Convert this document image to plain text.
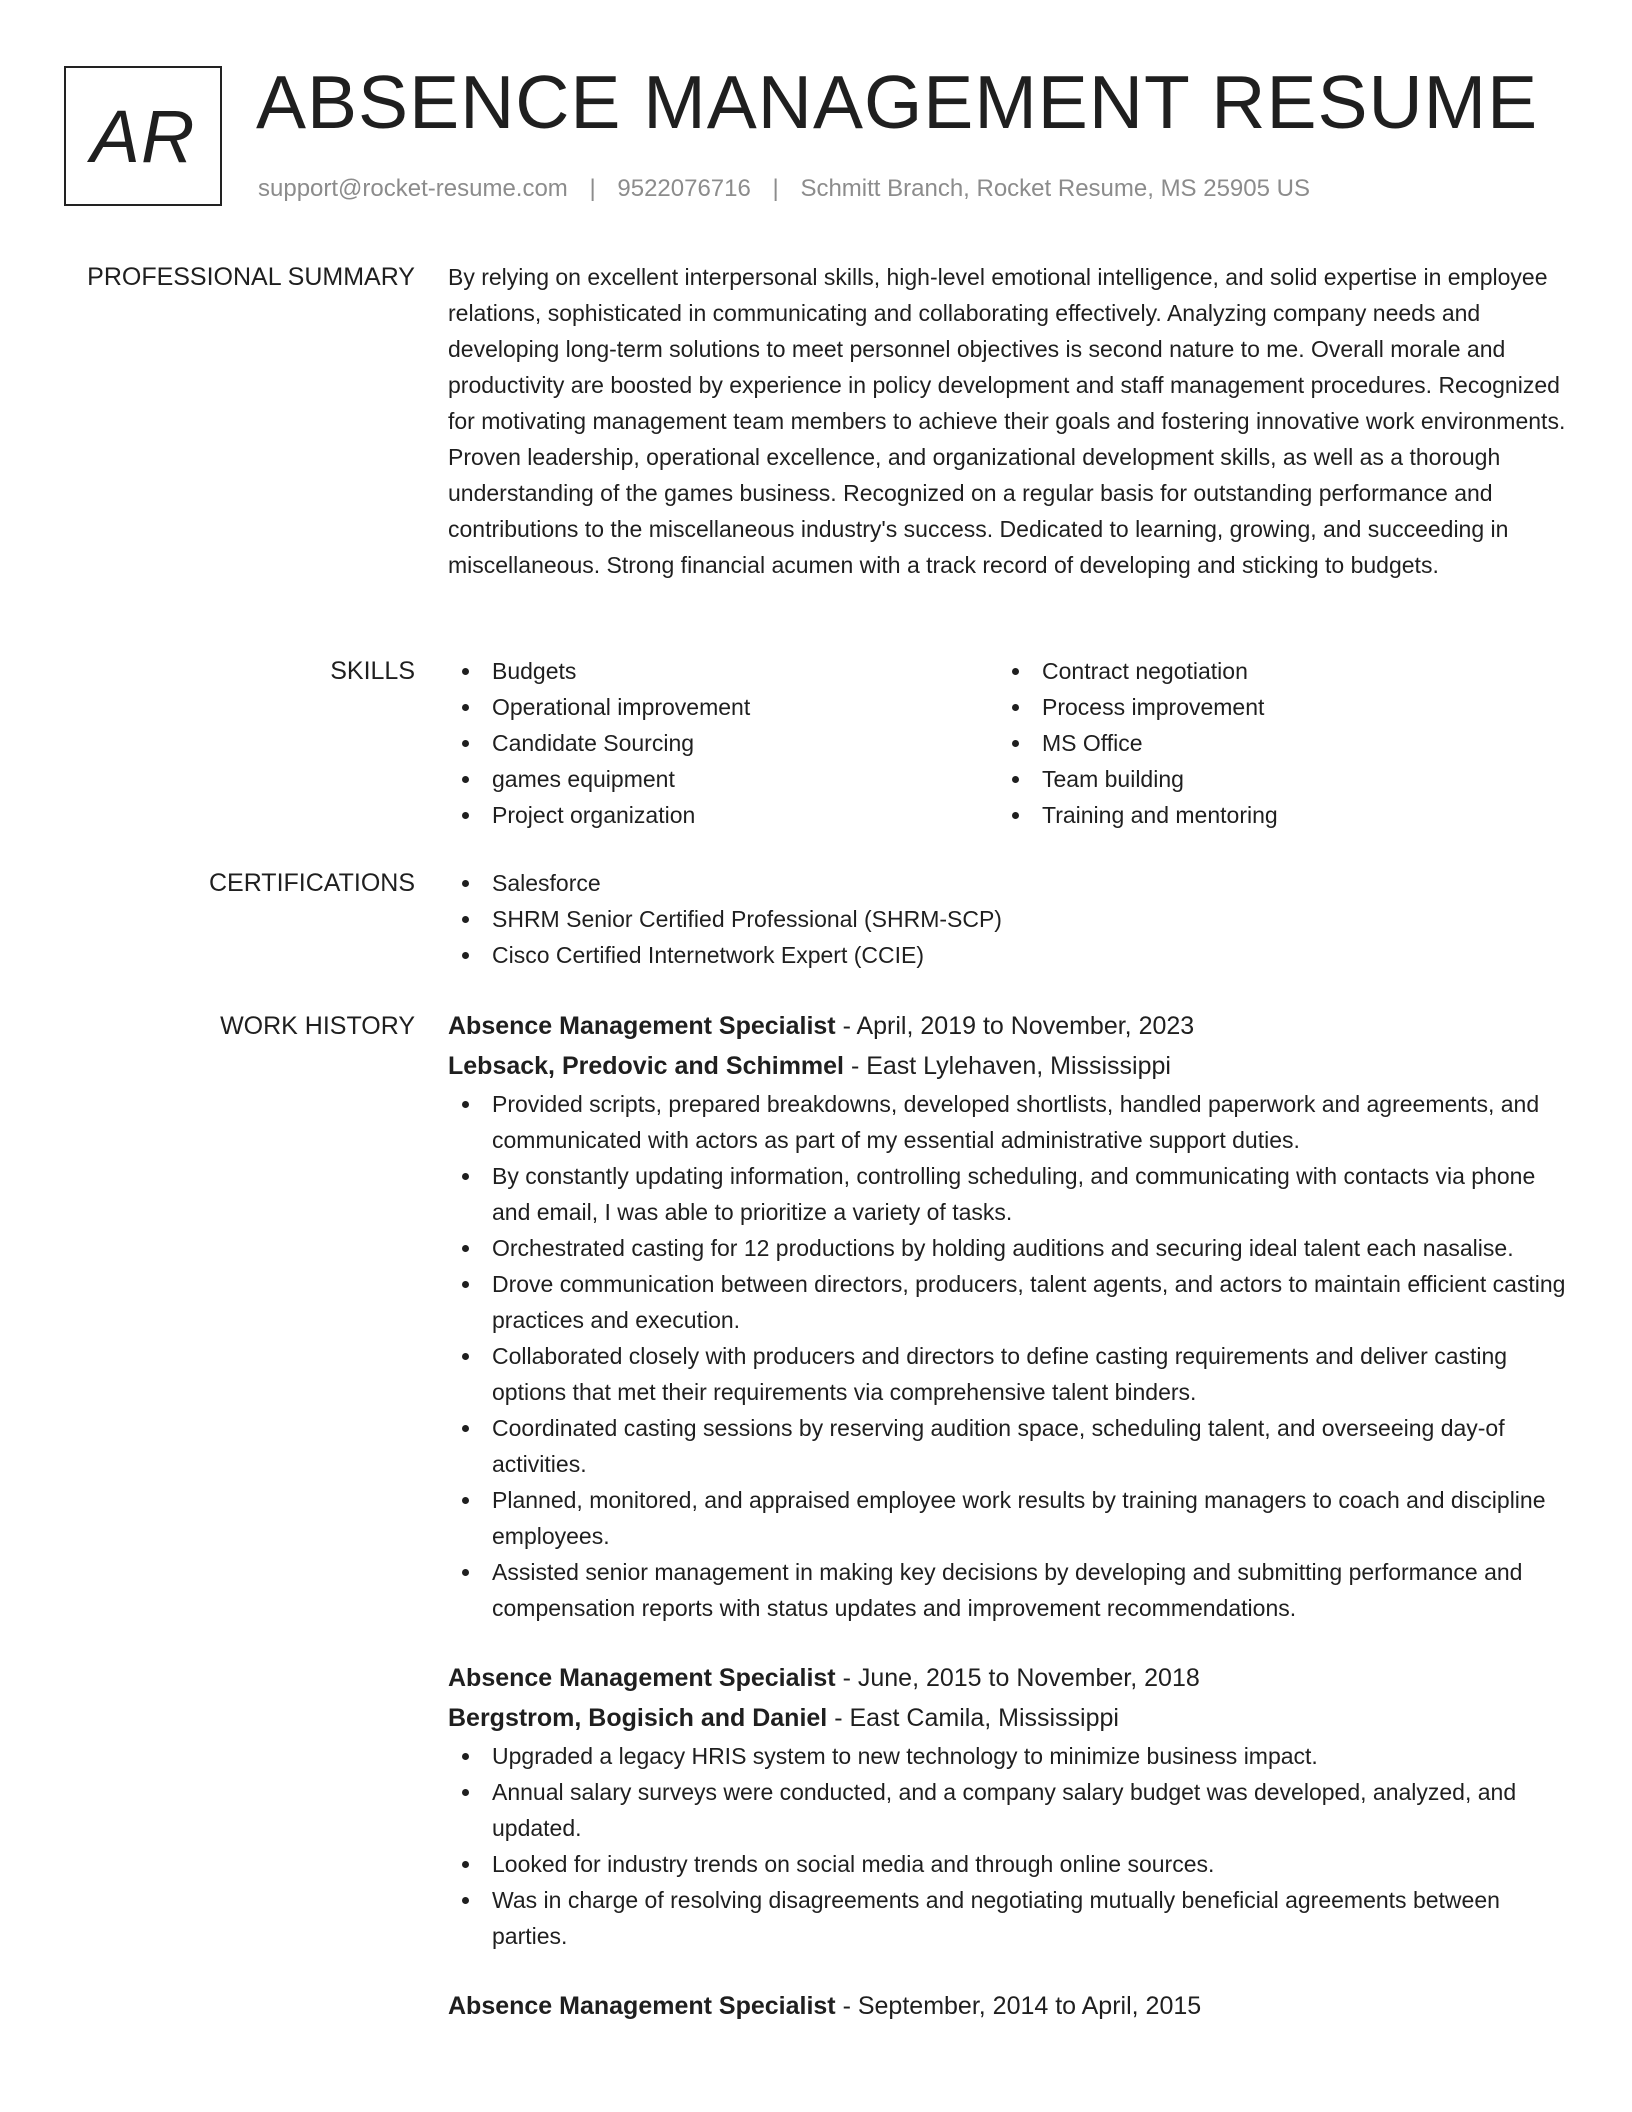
AR ABSENCE MANAGEMENT RESUME
support@rocket-resume.com | 9522076716 | Schmitt Branch, Rocket Resume, MS 25905 US
PROFESSIONAL SUMMARY By relying on excellent interpersonal skills, high-level emotional intelligence, and solid expertise in employee relations, sophisticated in communicating and collaborating effectively. Analyzing company needs and developing long-term solutions to meet personnel objectives is second nature to me. Overall morale and productivity are boosted by experience in policy development and staff management procedures. Recognized for motivating management team members to achieve their goals and fostering innovative work environments. Proven leadership, operational excellence, and organizational development skills, as well as a thorough understanding of the games business. Recognized on a regular basis for outstanding performance and contributions to the miscellaneous industry's success. Dedicated to learning, growing, and succeeding in miscellaneous. Strong financial acumen with a track record of developing and sticking to budgets.

SKILLS	Budgets
Operational improvement
Candidate Sourcing
games equipment
Project organization
Contract negotiation
Process improvement
MS Office
Team building
Training and mentoring
CERTIFICATIONS	Salesforce
SHRM Senior Certified Professional (SHRM-SCP)
Cisco Certified Internetwork Expert (CCIE)
WORK HISTORY Absence Management Specialist - April, 2019 to November, 2023
Lebsack, Predovic and Schimmel - East Lylehaven, Mississippi
Provided scripts, prepared breakdowns, developed shortlists, handled paperwork and agreements, and communicated with actors as part of my essential administrative support duties.
By constantly updating information, controlling scheduling, and communicating with contacts via phone and email, I was able to prioritize a variety of tasks.
Orchestrated casting for 12 productions by holding auditions and securing ideal talent each nasalise.
Drove communication between directors, producers, talent agents, and actors to maintain efficient casting practices and execution.
Collaborated closely with producers and directors to define casting requirements and deliver casting options that met their requirements via comprehensive talent binders.
Coordinated casting sessions by reserving audition space, scheduling talent, and overseeing day-of activities.
Planned, monitored, and appraised employee work results by training managers to coach and discipline employees.
Assisted senior management in making key decisions by developing and submitting performance and compensation reports with status updates and improvement recommendations.
Absence Management Specialist - June, 2015 to November, 2018
Bergstrom, Bogisich and Daniel - East Camila, Mississippi
Upgraded a legacy HRIS system to new technology to minimize business impact.
Annual salary surveys were conducted, and a company salary budget was developed, analyzed, and updated.
Looked for industry trends on social media and through online sources.
Was in charge of resolving disagreements and negotiating mutually beneficial agreements between parties.
Absence Management Specialist - September, 2014 to April, 2015
